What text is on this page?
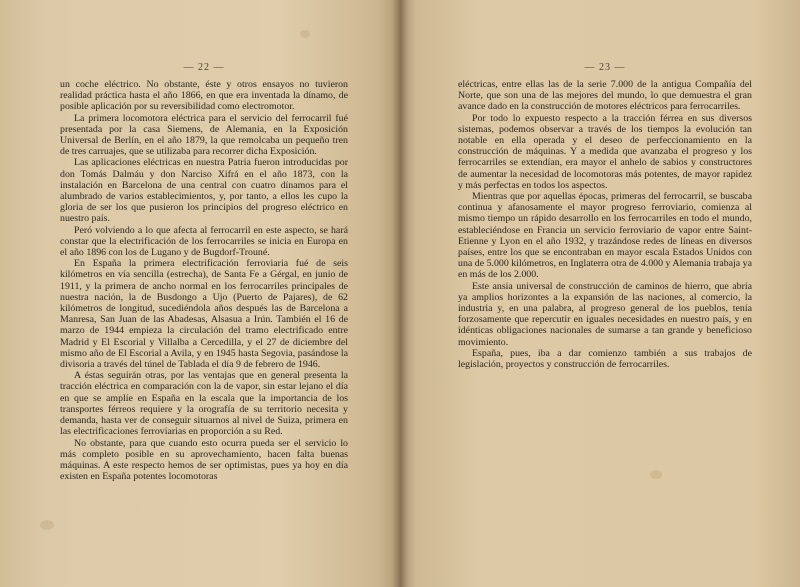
— 22 —

un coche eléctrico. No obstante, éste y otros ensayos no tuvieron realidad práctica hasta el año 1866, en que era inventada la dínamo, de posible aplicación por su reversibilidad como electromotor.

La primera locomotora eléctrica para el servicio del ferrocarril fué presentada por la casa Siemens, de Alemania, en la Exposición Universal de Berlín, en el año 1879, la que remolcaba un pequeño tren de tres carruajes, que se utilizaba para recorrer dicha Exposición.

Las aplicaciones eléctricas en nuestra Patria fueron introducidas por don Tomás Dalmáu y don Narciso Xifrá en el año 1873, con la instalación en Barcelona de una central con cuatro dínamos para el alumbrado de varios establecimientos, y, por tanto, a ellos les cupo la gloria de ser los que pusieron los principios del progreso eléctrico en nuestro país.

Peró volviendo a lo que afecta al ferrocarril en este aspecto, se hará constar que la electrificación de los ferrocarriles se inicia en Europa en el año 1896 con los de Lugano y de Bugdorf-Trouné.

En España la primera electrificación ferroviaria fué de seis kilómetros en vía sencilla (estrecha), de Santa Fe a Gérgal, en junio de 1911, y la primera de ancho normal en los ferrocarriles principales de nuestra nación, la de Busdongo a Ujo (Puerto de Pajares), de 62 kilómetros de longitud, sucediéndola años después las de Barcelona a Manresa, San Juan de las Abadesas, Alsasua a Irún. También el 16 de marzo de 1944 empieza la circulación del tramo electrificado entre Madrid y El Escorial y Villalba a Cercedilla, y el 27 de diciembre del mismo año de El Escorial a Avila, y en 1945 hasta Segovia, pasándose la divisoria a través del túnel de Tablada el día 9 de febrero de 1946.

A éstas seguirán otras, por las ventajas que en general presenta la tracción eléctrica en comparación con la de vapor, sin estar lejano el día en que se amplíe en España en la escala que la importancia de los transportes férreos requiere y la orografía de su territorio necesita y demanda, hasta ver de conseguir situarnos al nivel de Suiza, primera en las electrificaciones ferroviarias en proporción a su Red.

No obstante, para que cuando esto ocurra pueda ser el servicio lo más completo posible en su aprovechamiento, hacen falta buenas máquinas. A este respecto hemos de ser optimistas, pues ya hoy en día existen en España potentes locomotoras

— 23 —

eléctricas, entre ellas las de la serie 7.000 de la antigua Compañía del Norte, que son una de las mejores del mundo, lo que demuestra el gran avance dado en la construcción de motores eléctricos para ferrocarriles.

Por todo lo expuesto respecto a la tracción férrea en sus diversos sistemas, podemos observar a través de los tiempos la evolución tan notable en ella operada y el deseo de perfeccionamiento en la construcción de máquinas. Y a medida que avanzaba el progreso y los ferrocarriles se extendían, era mayor el anhelo de sabios y constructores de aumentar la necesidad de locomotoras más potentes, de mayor rapidez y más perfectas en todos los aspectos.

Mientras que por aquellas épocas, primeras del ferrocarril, se buscaba continua y afanosamente el mayor progreso ferroviario, comienza al mismo tiempo un rápido desarrollo en los ferrocarriles en todo el mundo, estableciéndose en Francia un servicio ferroviario de vapor entre Saint-Etienne y Lyon en el año 1932, y trazándose redes de líneas en diversos países, entre los que se encontraban en mayor escala Estados Unidos con una de 5.000 kilómetros, en Inglaterra otra de 4.000 y Alemania trabaja ya en más de los 2.000.

Este ansia universal de construcción de caminos de hierro, que abría ya amplios horizontes a la expansión de las naciones, al comercio, la industria y, en una palabra, al progreso general de los pueblos, tenía forzosamente que repercutir en iguales necesidades en nuestro país, y en idénticas obligaciones nacionales de sumarse a tan grande y beneficioso movimiento.

España, pues, iba a dar comienzo también a sus trabajos de legislación, proyectos y construcción de ferrocarriles.
